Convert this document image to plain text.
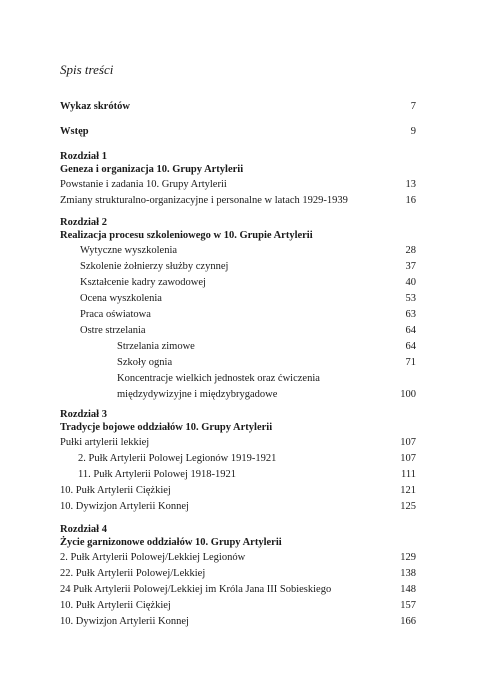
Spis treści
Wykaz skrótów	7
Wstęp	9
Rozdział 1
Geneza i organizacja 10. Grupy Artylerii
Powstanie i zadania 10. Grupy Artylerii	13
Zmiany strukturalno-organizacyjne i personalne w latach 1929-1939	16
Rozdział 2
Realizacja procesu szkoleniowego w 10. Grupie Artylerii
Wytyczne wyszkolenia	28
Szkolenie żołnierzy służby czynnej	37
Kształcenie kadry zawodowej	40
Ocena wyszkolenia	53
Praca oświatowa	63
Ostre strzelania	64
Strzelania zimowe	64
Szkoły ognia	71
Koncentracje wielkich jednostek oraz ćwiczenia
międzydywizyjne i międzybrygadowe	100
Rozdział 3
Tradycje bojowe oddziałów 10. Grupy Artylerii
Pułki artylerii lekkiej	107
2. Pułk Artylerii Polowej Legionów 1919-1921	107
11. Pułk Artylerii Polowej 1918-1921	111
10. Pułk Artylerii Ciężkiej	121
10. Dywizjon Artylerii Konnej	125
Rozdział 4
Życie garnizonowe oddziałów 10. Grupy Artylerii
2. Pułk Artylerii Polowej/Lekkiej Legionów	129
22. Pułk Artylerii Polowej/Lekkiej	138
24 Pułk Artylerii Polowej/Lekkiej im Króla Jana III Sobieskiego	148
10. Pułk Artylerii Ciężkiej	157
10. Dywizjon Artylerii Konnej	166
